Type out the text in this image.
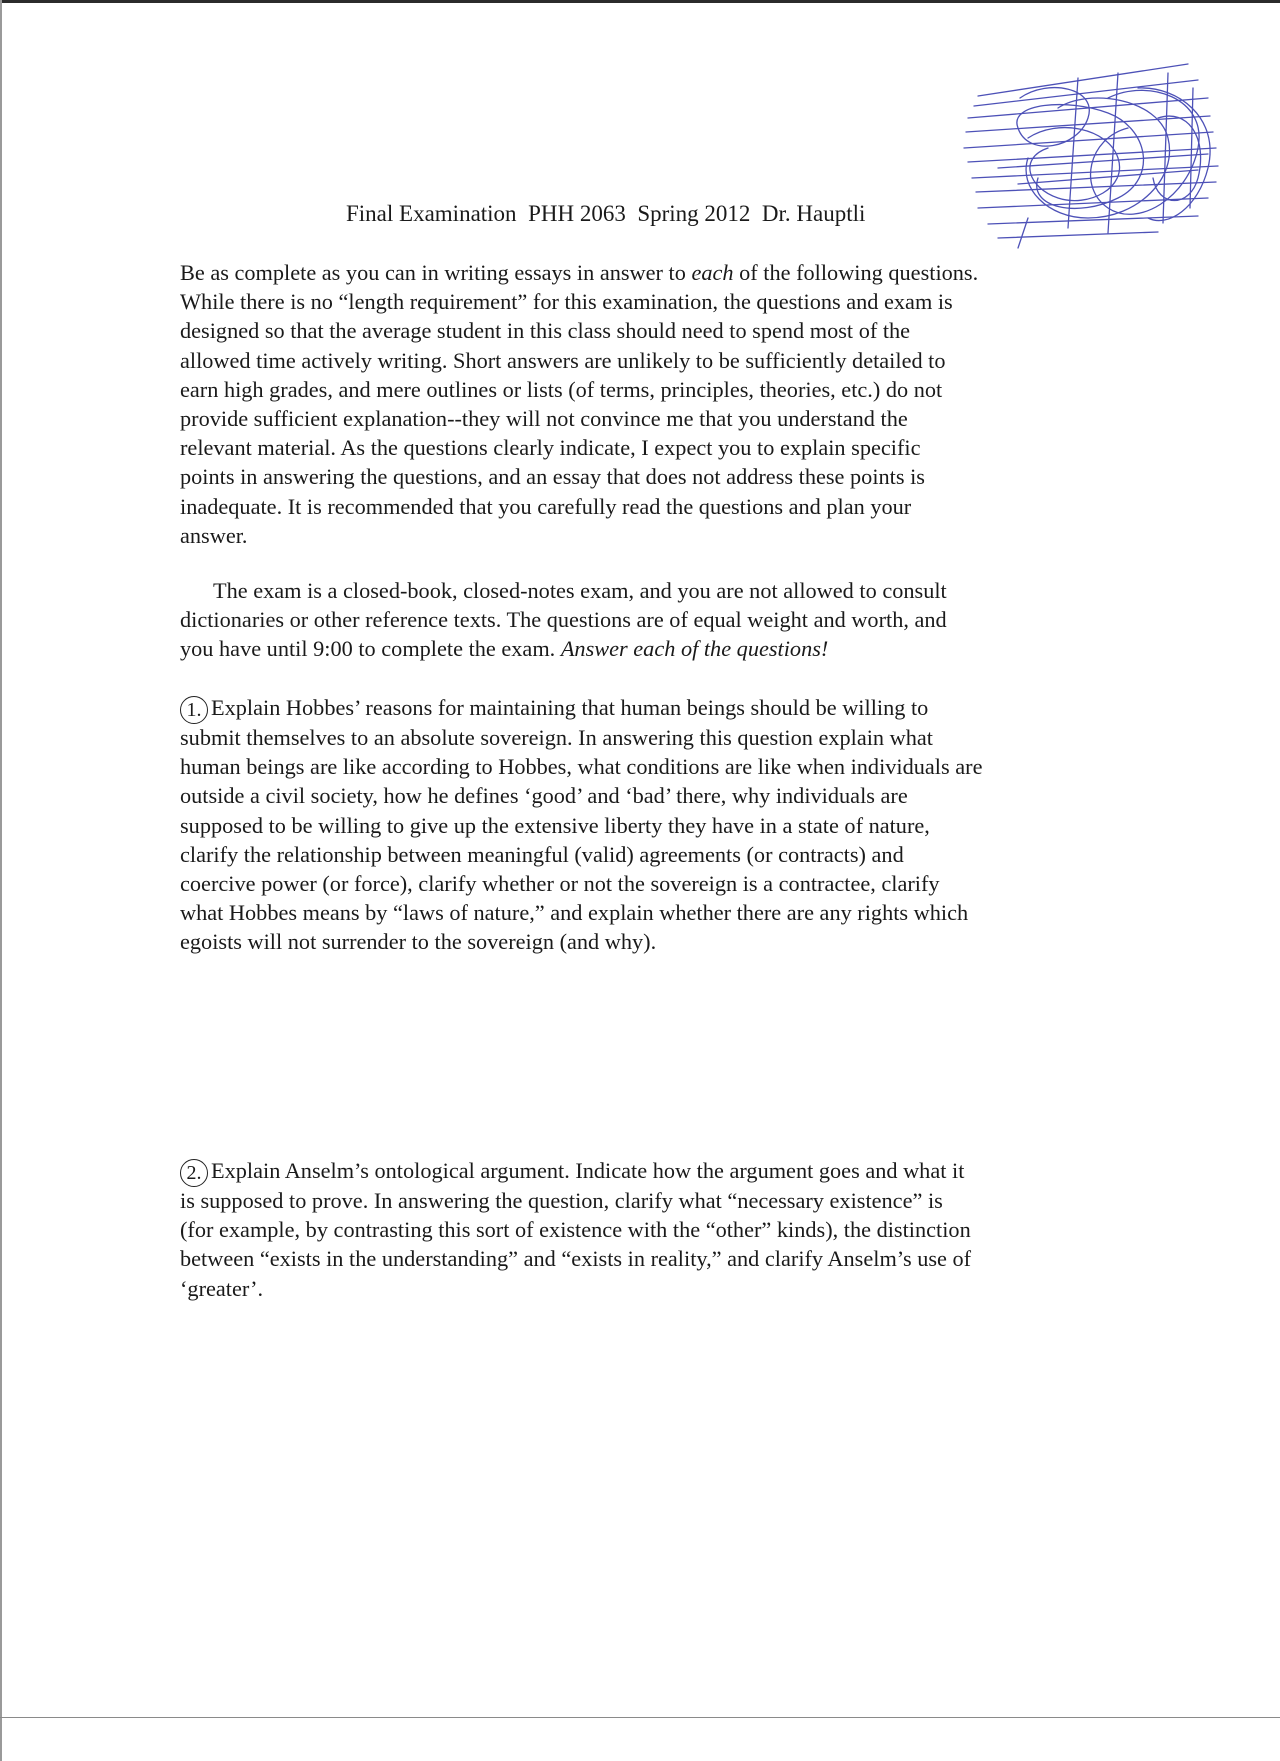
Final Examination PHH 2063 Spring 2012 Dr. Hauptli
Be as complete as you can in writing essays in answer to each of the following questions.
While there is no “length requirement” for this examination, the questions and exam is
designed so that the average student in this class should need to spend most of the
allowed time actively writing. Short answers are unlikely to be sufficiently detailed to
earn high grades, and mere outlines or lists (of terms, principles, theories, etc.) do not
provide sufficient explanation--they will not convince me that you understand the
relevant material. As the questions clearly indicate, I expect you to explain specific
points in answering the questions, and an essay that does not address these points is
inadequate. It is recommended that you carefully read the questions and plan your
answer.
The exam is a closed-book, closed-notes exam, and you are not allowed to consult
dictionaries or other reference texts. The questions are of equal weight and worth, and
you have until 9:00 to complete the exam. Answer each of the questions!
1. Explain Hobbes’ reasons for maintaining that human beings should be willing to
submit themselves to an absolute sovereign. In answering this question explain what
human beings are like according to Hobbes, what conditions are like when individuals are
outside a civil society, how he defines ‘good’ and ‘bad’ there, why individuals are
supposed to be willing to give up the extensive liberty they have in a state of nature,
clarify the relationship between meaningful (valid) agreements (or contracts) and
coercive power (or force), clarify whether or not the sovereign is a contractee, clarify
what Hobbes means by “laws of nature,” and explain whether there are any rights which
egoists will not surrender to the sovereign (and why).
2. Explain Anselm’s ontological argument. Indicate how the argument goes and what it
is supposed to prove. In answering the question, clarify what “necessary existence” is
(for example, by contrasting this sort of existence with the “other” kinds), the distinction
between “exists in the understanding” and “exists in reality,” and clarify Anselm’s use of
‘greater’.
